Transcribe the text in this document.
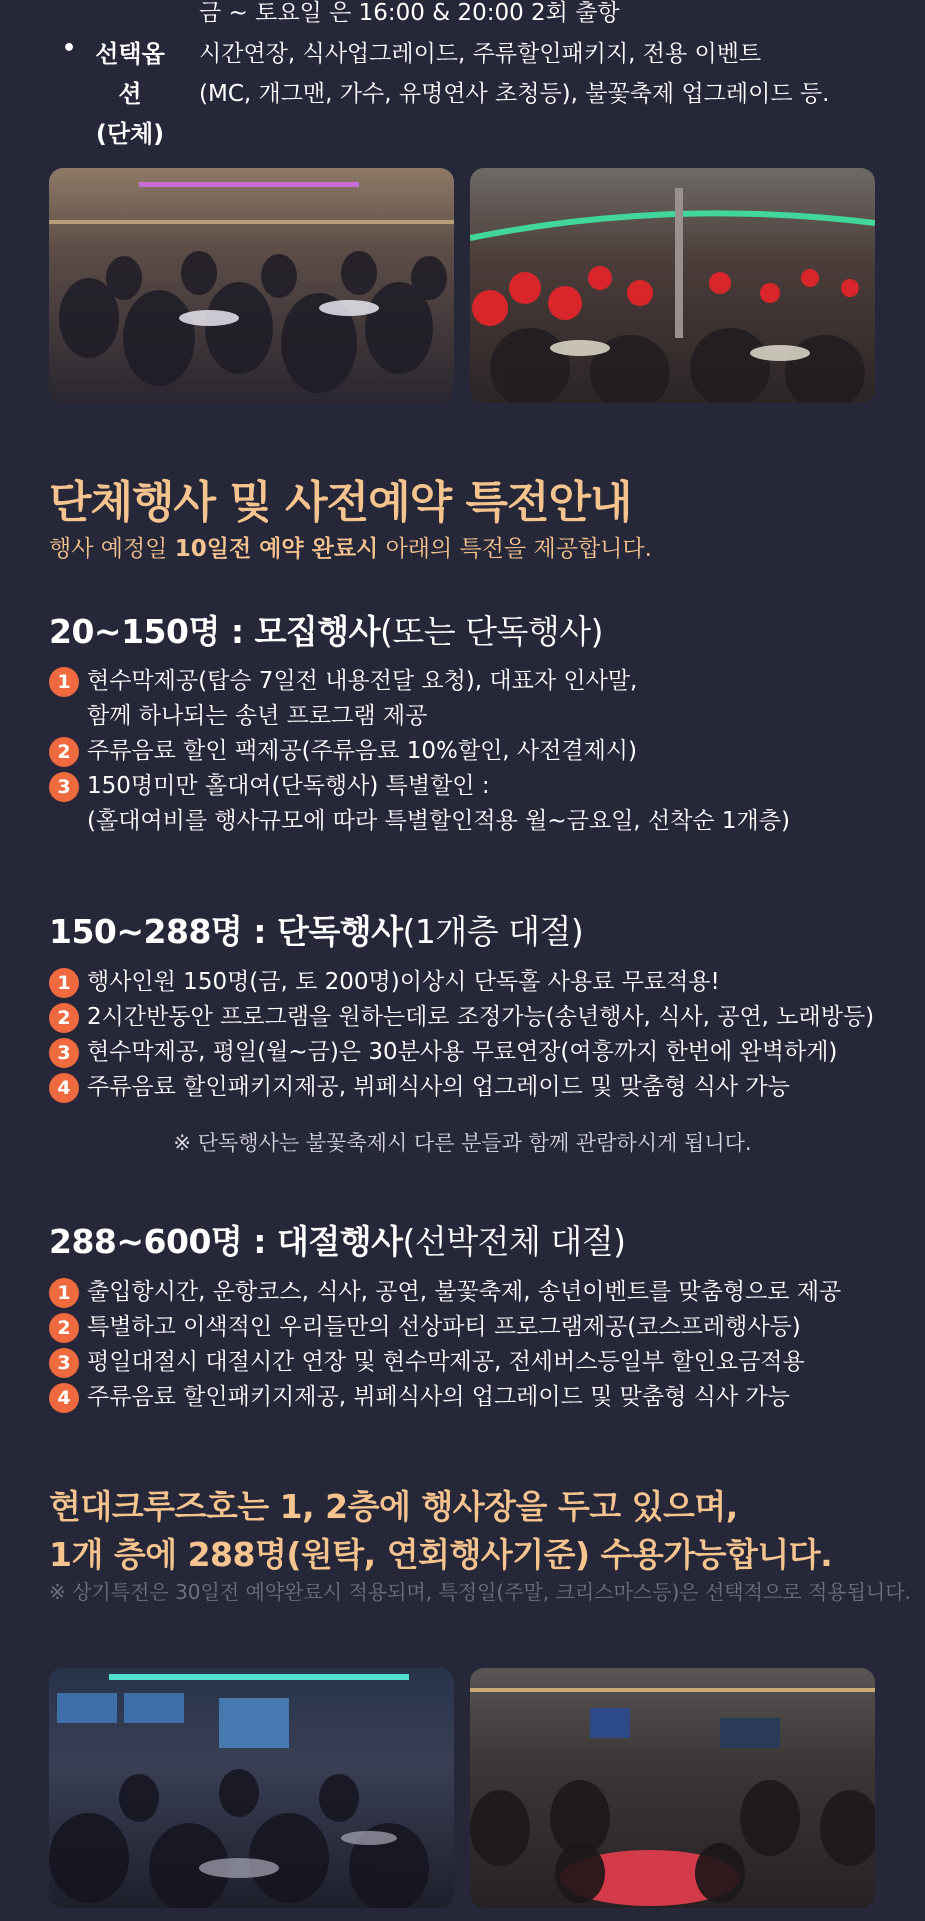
금 ~ 토요일 은 16:00 & 20:00 2회 출항
• 선택옵션
(단체)
시간연장, 식사업그레이드, 주류할인패키지, 전용 이벤트
(MC, 개그맨, 가수, 유명연사 초청등), 불꽃축제 업그레이드 등.
단체행사 및 사전예약 특전안내
행사 예정일 10일전 예약 완료시 아래의 특전을 제공합니다.
20~150명 : 모집행사(또는 단독행사)
1 현수막제공(탑승 7일전 내용전달 요청), 대표자 인사말,
함께 하나되는 송년 프로그램 제공
2 주류음료 할인 팩제공(주류음료 10%할인, 사전결제시)
3 150명미만 홀대여(단독행사) 특별할인 :
(홀대여비를 행사규모에 따라 특별할인적용 월~금요일, 선착순 1개층)
150~288명 : 단독행사(1개층 대절)
1 행사인원 150명(금, 토 200명)이상시 단독홀 사용료 무료적용!
2 2시간반동안 프로그램을 원하는데로 조정가능(송년행사, 식사, 공연, 노래방등)
3 현수막제공, 평일(월~금)은 30분사용 무료연장(여흥까지 한번에 완벽하게)
4 주류음료 할인패키지제공, 뷔페식사의 업그레이드 및 맞춤형 식사 가능
※ 단독행사는 불꽃축제시 다른 분들과 함께 관람하시게 됩니다.
288~600명 : 대절행사(선박전체 대절)
1 출입항시간, 운항코스, 식사, 공연, 불꽃축제, 송년이벤트를 맞춤형으로 제공
2 특별하고 이색적인 우리들만의 선상파티 프로그램제공(코스프레행사등)
3 평일대절시 대절시간 연장 및 현수막제공, 전세버스등일부 할인요금적용
4 주류음료 할인패키지제공, 뷔페식사의 업그레이드 및 맞춤형 식사 가능
현대크루즈호는 1, 2층에 행사장을 두고 있으며,
1개 층에 288명(원탁, 연회행사기준) 수용가능합니다.
※ 상기특전은 30일전 예약완료시 적용되며, 특정일(주말, 크리스마스등)은 선택적으로 적용됩니다.
